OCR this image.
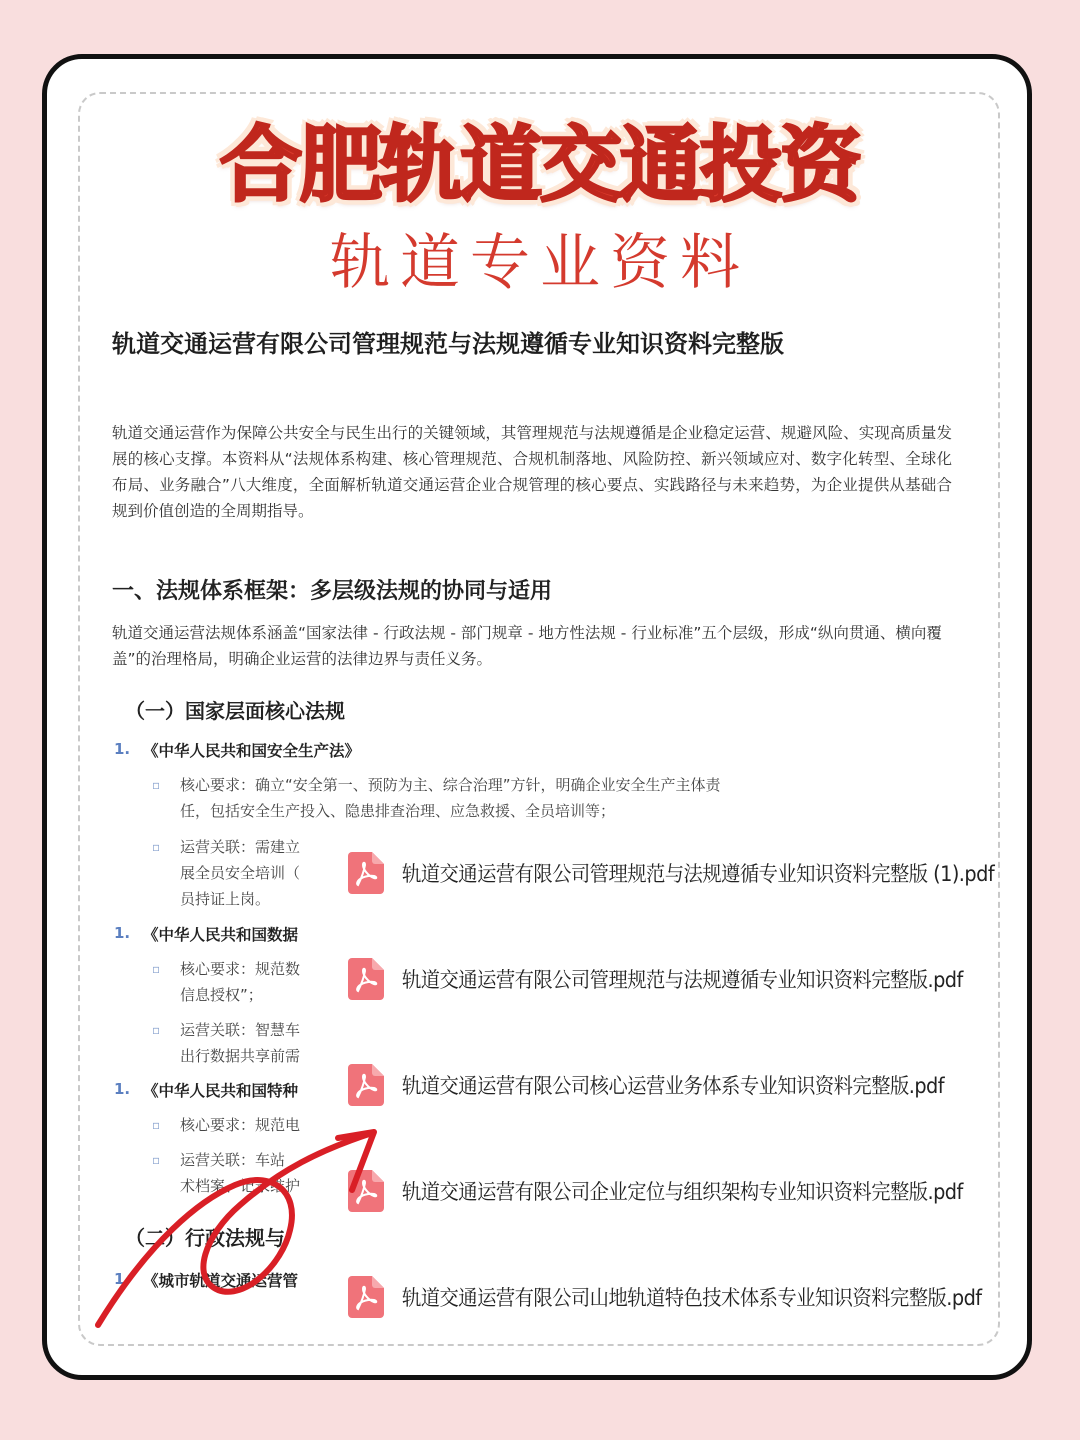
合肥轨道交通投资
轨道专业资料
轨道交通运营有限公司管理规范与法规遵循专业知识资料完整版
轨道交通运营作为保障公共安全与民生出行的关键领域，其管理规范与法规遵循是企业稳定运营、规避风险、实现高质量发展的核心支撑。本资料从“法规体系构建、核心管理规范、合规机制落地、风险防控、新兴领域应对、数字化转型、全球化布局、业务融合”八大维度，全面解析轨道交通运营企业合规管理的核心要点、实践路径与未来趋势，为企业提供从基础合规到价值创造的全周期指导。
一、法规体系框架：多层级法规的协同与适用
轨道交通运营法规体系涵盖“国家法律 - 行政法规 - 部门规章 - 地方性法规 - 行业标准”五个层级，形成“纵向贯通、横向覆盖”的治理格局，明确企业运营的法律边界与责任义务。
（一）国家层面核心法规
1. 《中华人民共和国安全生产法》
▫ 核心要求：确立“安全第一、预防为主、综合治理”方针，明确企业安全生产主体责
任，包括安全生产投入、隐患排查治理、应急救援、全员培训等；
▫ 运营关联：需建立
展全员安全培训（
员持证上岗。
1. 《中华人民共和国数据
▫ 核心要求：规范数
信息授权”；
▫ 运营关联：智慧车
出行数据共享前需
1. 《中华人民共和国特种
▫ 核心要求：规范电
▫ 运营关联：车站
术档案、记录维护
（二）行政法规与
1. 《城市轨道交通运营管
轨道交通运营有限公司管理规范与法规遵循专业知识资料完整版 (1).pdf
轨道交通运营有限公司管理规范与法规遵循专业知识资料完整版.pdf
轨道交通运营有限公司核心运营业务体系专业知识资料完整版.pdf
轨道交通运营有限公司企业定位与组织架构专业知识资料完整版.pdf
轨道交通运营有限公司山地轨道特色技术体系专业知识资料完整版.pdf
